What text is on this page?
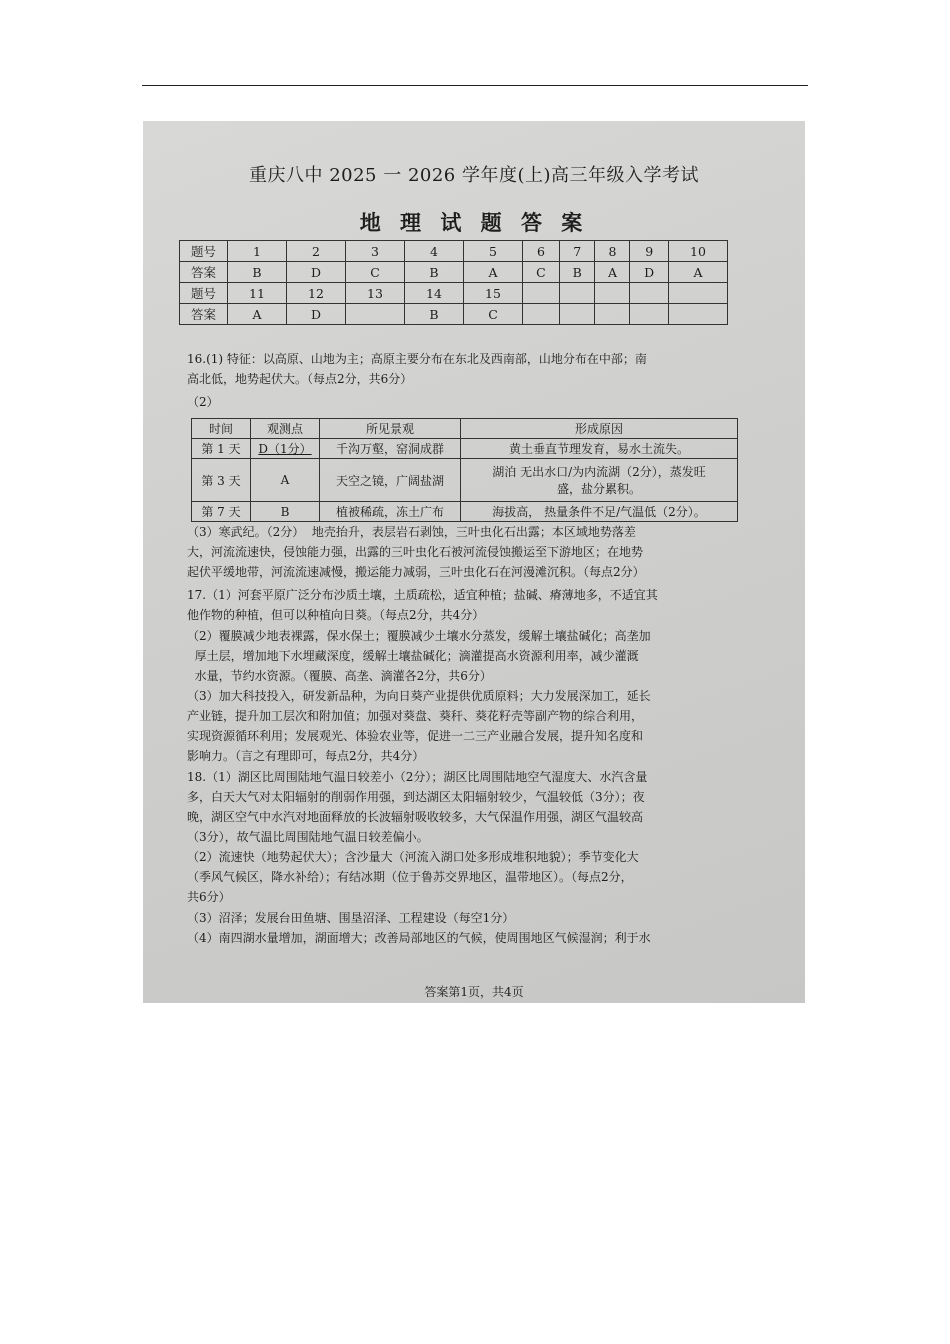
重庆八中 2025 一 2026 学年度(上)高三年级入学考试
地 理 试 题 答 案
题号	1	2	3	4	5	6	7	8	9	10
答案	B	D	C	B	A	C	B	A	D	A
题号	11	12	13	14	15					
答案	A	D		B	C					
16.(1) 特征：以高原、山地为主；高原主要分布在东北及西南部，山地分布在中部；南
高北低，地势起伏大。（每点2分，共6分）
（2）
时间	观测点	所见景观	形成原因
第 1 天	D（1分）	千沟万壑，窑洞成群	黄土垂直节理发育，易水土流失。
第 3 天	A	天空之镜，广阔盐湖	湖泊 无出水口/为内流湖（2分），蒸发旺
盛，盐分累积。

第 7 天	B	植被稀疏，冻土广布	海拔高， 热量条件不足/气温低（2分）。
（3）寒武纪。（2分）  地壳抬升，表层岩石剥蚀，三叶虫化石出露；本区域地势落差
大，河流流速快，侵蚀能力强，出露的三叶虫化石被河流侵蚀搬运至下游地区；在地势
起伏平缓地带，河流流速减慢，搬运能力减弱，三叶虫化石在河漫滩沉积。（每点2分）
17.（1）河套平原广泛分布沙质土壤，土质疏松，适宜种植；盐碱、瘠薄地多，不适宜其
他作物的种植，但可以种植向日葵。（每点2分，共4分）
（2）覆膜减少地表裸露，保水保土；覆膜减少土壤水分蒸发，缓解土壤盐碱化；高垄加
厚土层，增加地下水埋藏深度，缓解土壤盐碱化；滴灌提高水资源利用率，减少灌溉
水量，节约水资源。（覆膜、高垄、滴灌各2分，共6分）
（3）加大科技投入，研发新品种，为向日葵产业提供优质原料；大力发展深加工，延长
产业链，提升加工层次和附加值；加强对葵盘、葵秆、葵花籽壳等副产物的综合利用，
实现资源循环利用；发展观光、体验农业等，促进一二三产业融合发展，提升知名度和
影响力。（言之有理即可，每点2分，共4分）
18.（1）湖区比周围陆地气温日较差小（2分）；湖区比周围陆地空气湿度大、水汽含量
多，白天大气对太阳辐射的削弱作用强，到达湖区太阳辐射较少，气温较低（3分）；夜
晚，湖区空气中水汽对地面释放的长波辐射吸收较多，大气保温作用强，湖区气温较高
（3分），故气温比周围陆地气温日较差偏小。
（2）流速快（地势起伏大）；含沙量大（河流入湖口处多形成堆积地貌）；季节变化大
（季风气候区，降水补给）；有结冰期（位于鲁苏交界地区，温带地区）。（每点2分，
共6分）
（3）沼泽；发展台田鱼塘、围垦沼泽、工程建设（每空1分）
（4）南四湖水量增加，湖面增大；改善局部地区的气候，使周围地区气候湿润；利于水
答案第1页，共4页
